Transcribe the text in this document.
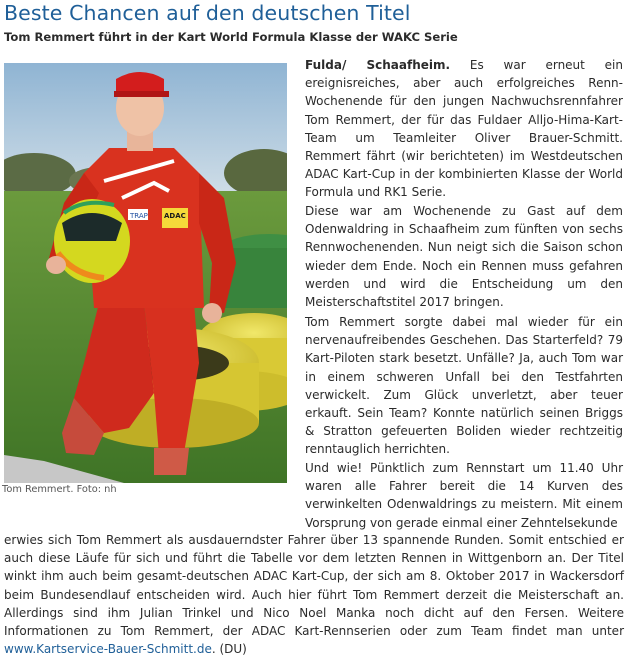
Beste Chancen auf den deutschen Titel
Tom Remmert führt in der Kart World Formula Klasse der WAKC Serie
TRAP ADAC
Tom Remmert. Foto: nh

Fulda/ Schaafheim. Es war erneut ein ereignisreiches, aber auch erfolgreiches Renn-Wochenende für den jungen Nachwuchsrennfahrer Tom Remmert, der für das Fuldaer Alljo-Hima-Kart-Team um Teamleiter Oliver Brauer-Schmitt. Remmert fährt (wir berichteten) im Westdeutschen ADAC Kart-Cup in der kombinierten Klasse der World Formula und RK1 Serie.

Diese war am Wochenende zu Gast auf dem Odenwaldring in Schaafheim zum fünften von sechs Rennwochenenden. Nun neigt sich die Saison schon wieder dem Ende. Noch ein Rennen muss gefahren werden und wird die Entscheidung um den Meisterschaftstitel 2017 bringen.

Tom Remmert sorgte dabei mal wieder für ein nervenaufreibendes Geschehen. Das Starterfeld? 79 Kart-Piloten stark besetzt. Unfälle? Ja, auch Tom war in einem schweren Unfall bei den Testfahrten verwickelt. Zum Glück unverletzt, aber teuer erkauft. Sein Team? Konnte natürlich seinen Briggs & Stratton gefeuerten Boliden wieder rechtzeitig renntauglich herrichten.

Und wie! Pünktlich zum Rennstart um 11.40 Uhr waren alle Fahrer bereit die 14 Kurven des verwinkelten Odenwaldrings zu meistern. Mit einem Vorsprung von gerade einmal einer Zehntelsekunde

erwies sich Tom Remmert als ausdauerndster Fahrer über 13 spannende Runden. Somit entschied er auch diese Läufe für sich und führt die Tabelle vor dem letzten Rennen in Wittgenborn an. Der Titel winkt ihm auch beim gesamt-deutschen ADAC Kart-Cup, der sich am 8. Oktober 2017 in Wackersdorf beim Bundesendlauf entscheiden wird. Auch hier führt Tom Remmert derzeit die Meisterschaft an. Allerdings sind ihm Julian Trinkel und Nico Noel Manka noch dicht auf den Fersen. Weitere Informationen zu Tom Remmert, der ADAC Kart-Rennserien oder zum Team findet man unter www.Kartservice-Bauer-Schmitt.de. (DU)
